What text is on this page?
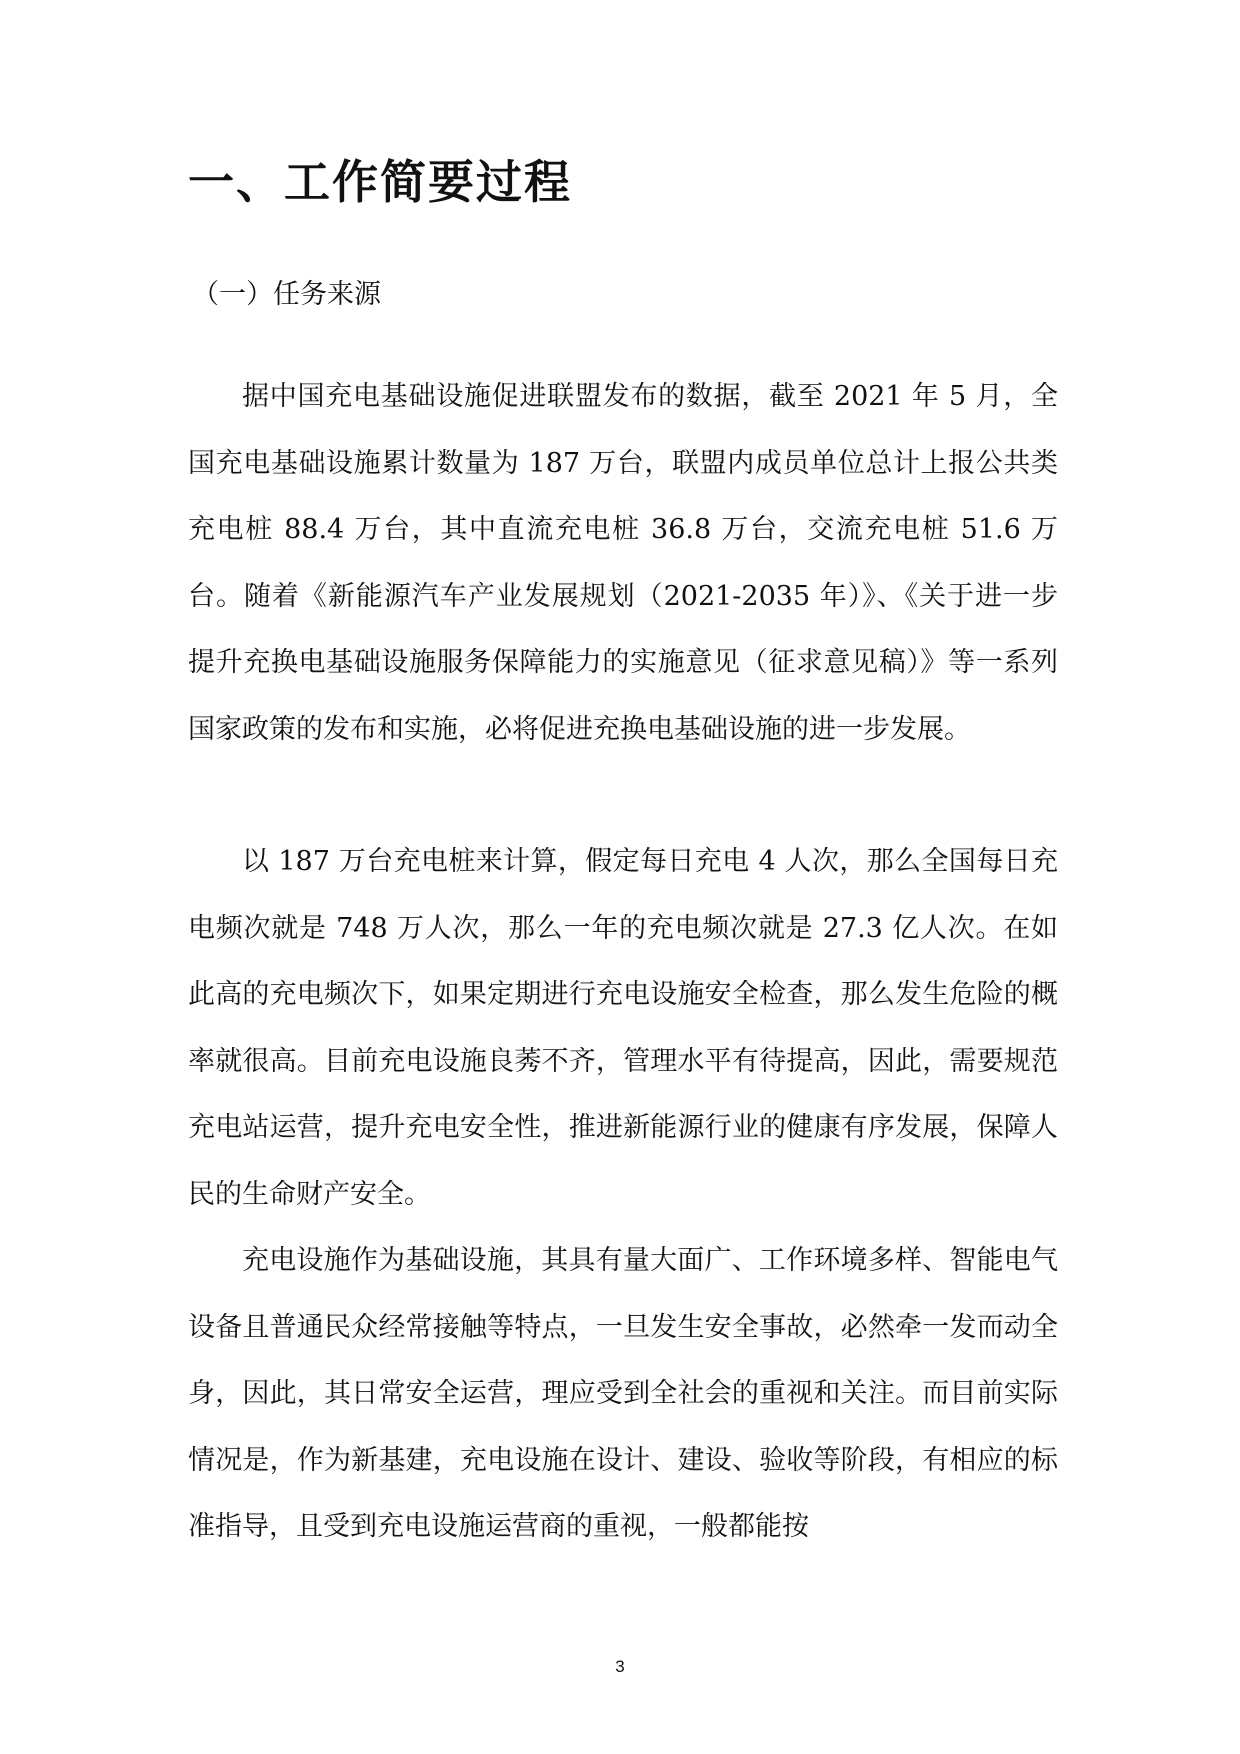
一、工作简要过程
（一）任务来源

据中国充电基础设施促进联盟发布的数据，截至 2021 年 5 月，全国充电基础设施累计数量为 187 万台，联盟内成员单位总计上报公共类充电桩 88.4 万台，其中直流充电桩 36.8 万台，交流充电桩 51.6 万台。随着《新能源汽车产业发展规划（2021-2035 年）》、《关于进一步提升充换电基础设施服务保障能力的实施意见（征求意见稿）》等一系列国家政策的发布和实施，必将促进充换电基础设施的进一步发展。

以 187 万台充电桩来计算，假定每日充电 4 人次，那么全国每日充电频次就是 748 万人次，那么一年的充电频次就是 27.3 亿人次。在如此高的充电频次下，如果定期进行充电设施安全检查，那么发生危险的概率就很高。目前充电设施良莠不齐，管理水平有待提高，因此，需要规范充电站运营，提升充电安全性，推进新能源行业的健康有序发展，保障人民的生命财产安全。

充电设施作为基础设施，其具有量大面广、工作环境多样、智能电气设备且普通民众经常接触等特点，一旦发生安全事故，必然牵一发而动全身，因此，其日常安全运营，理应受到全社会的重视和关注。而目前实际情况是，作为新基建，充电设施在设计、建设、验收等阶段，有相应的标准指导，且受到充电设施运营商的重视，一般都能按

3
